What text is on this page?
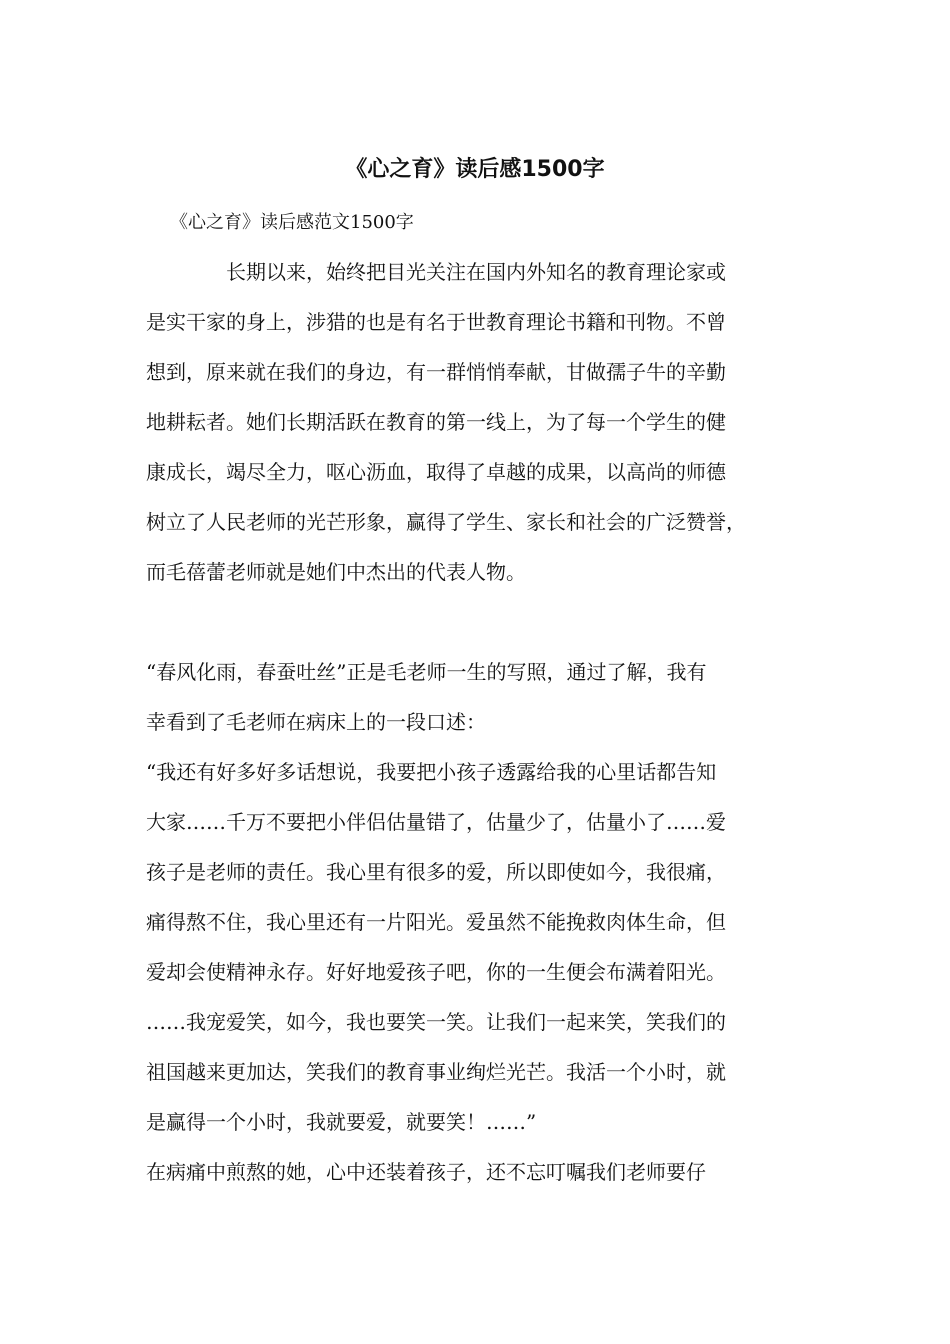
《心之育》读后感1500字

《心之育》读后感范文1500字

　　　　长期以来，始终把目光关注在国内外知名的教育理论家或
是实干家的身上，涉猎的也是有名于世教育理论书籍和刊物。不曾
想到，原来就在我们的身边，有一群悄悄奉献，甘做孺子牛的辛勤
地耕耘者。她们长期活跃在教育的第一线上，为了每一个学生的健
康成长，竭尽全力，呕心沥血，取得了卓越的成果，以高尚的师德
树立了人民老师的光芒形象，赢得了学生、家长和社会的广泛赞誉，
而毛蓓蕾老师就是她们中杰出的代表人物。
“春风化雨，春蚕吐丝”正是毛老师一生的写照，通过了解，我有
幸看到了毛老师在病床上的一段口述：
“我还有好多好多话想说，我要把小孩子透露给我的心里话都告知
大家……千万不要把小伴侣估量错了，估量少了，估量小了……爱
孩子是老师的责任。我心里有很多的爱，所以即使如今，我很痛，
痛得熬不住，我心里还有一片阳光。爱虽然不能挽救肉体生命，但
爱却会使精神永存。好好地爱孩子吧，你的一生便会布满着阳光。
……我宠爱笑，如今，我也要笑一笑。让我们一起来笑，笑我们的
祖国越来更加达，笑我们的教育事业绚烂光芒。我活一个小时，就
是赢得一个小时，我就要爱，就要笑！……”
在病痛中煎熬的她，心中还装着孩子，还不忘叮嘱我们老师要仔
